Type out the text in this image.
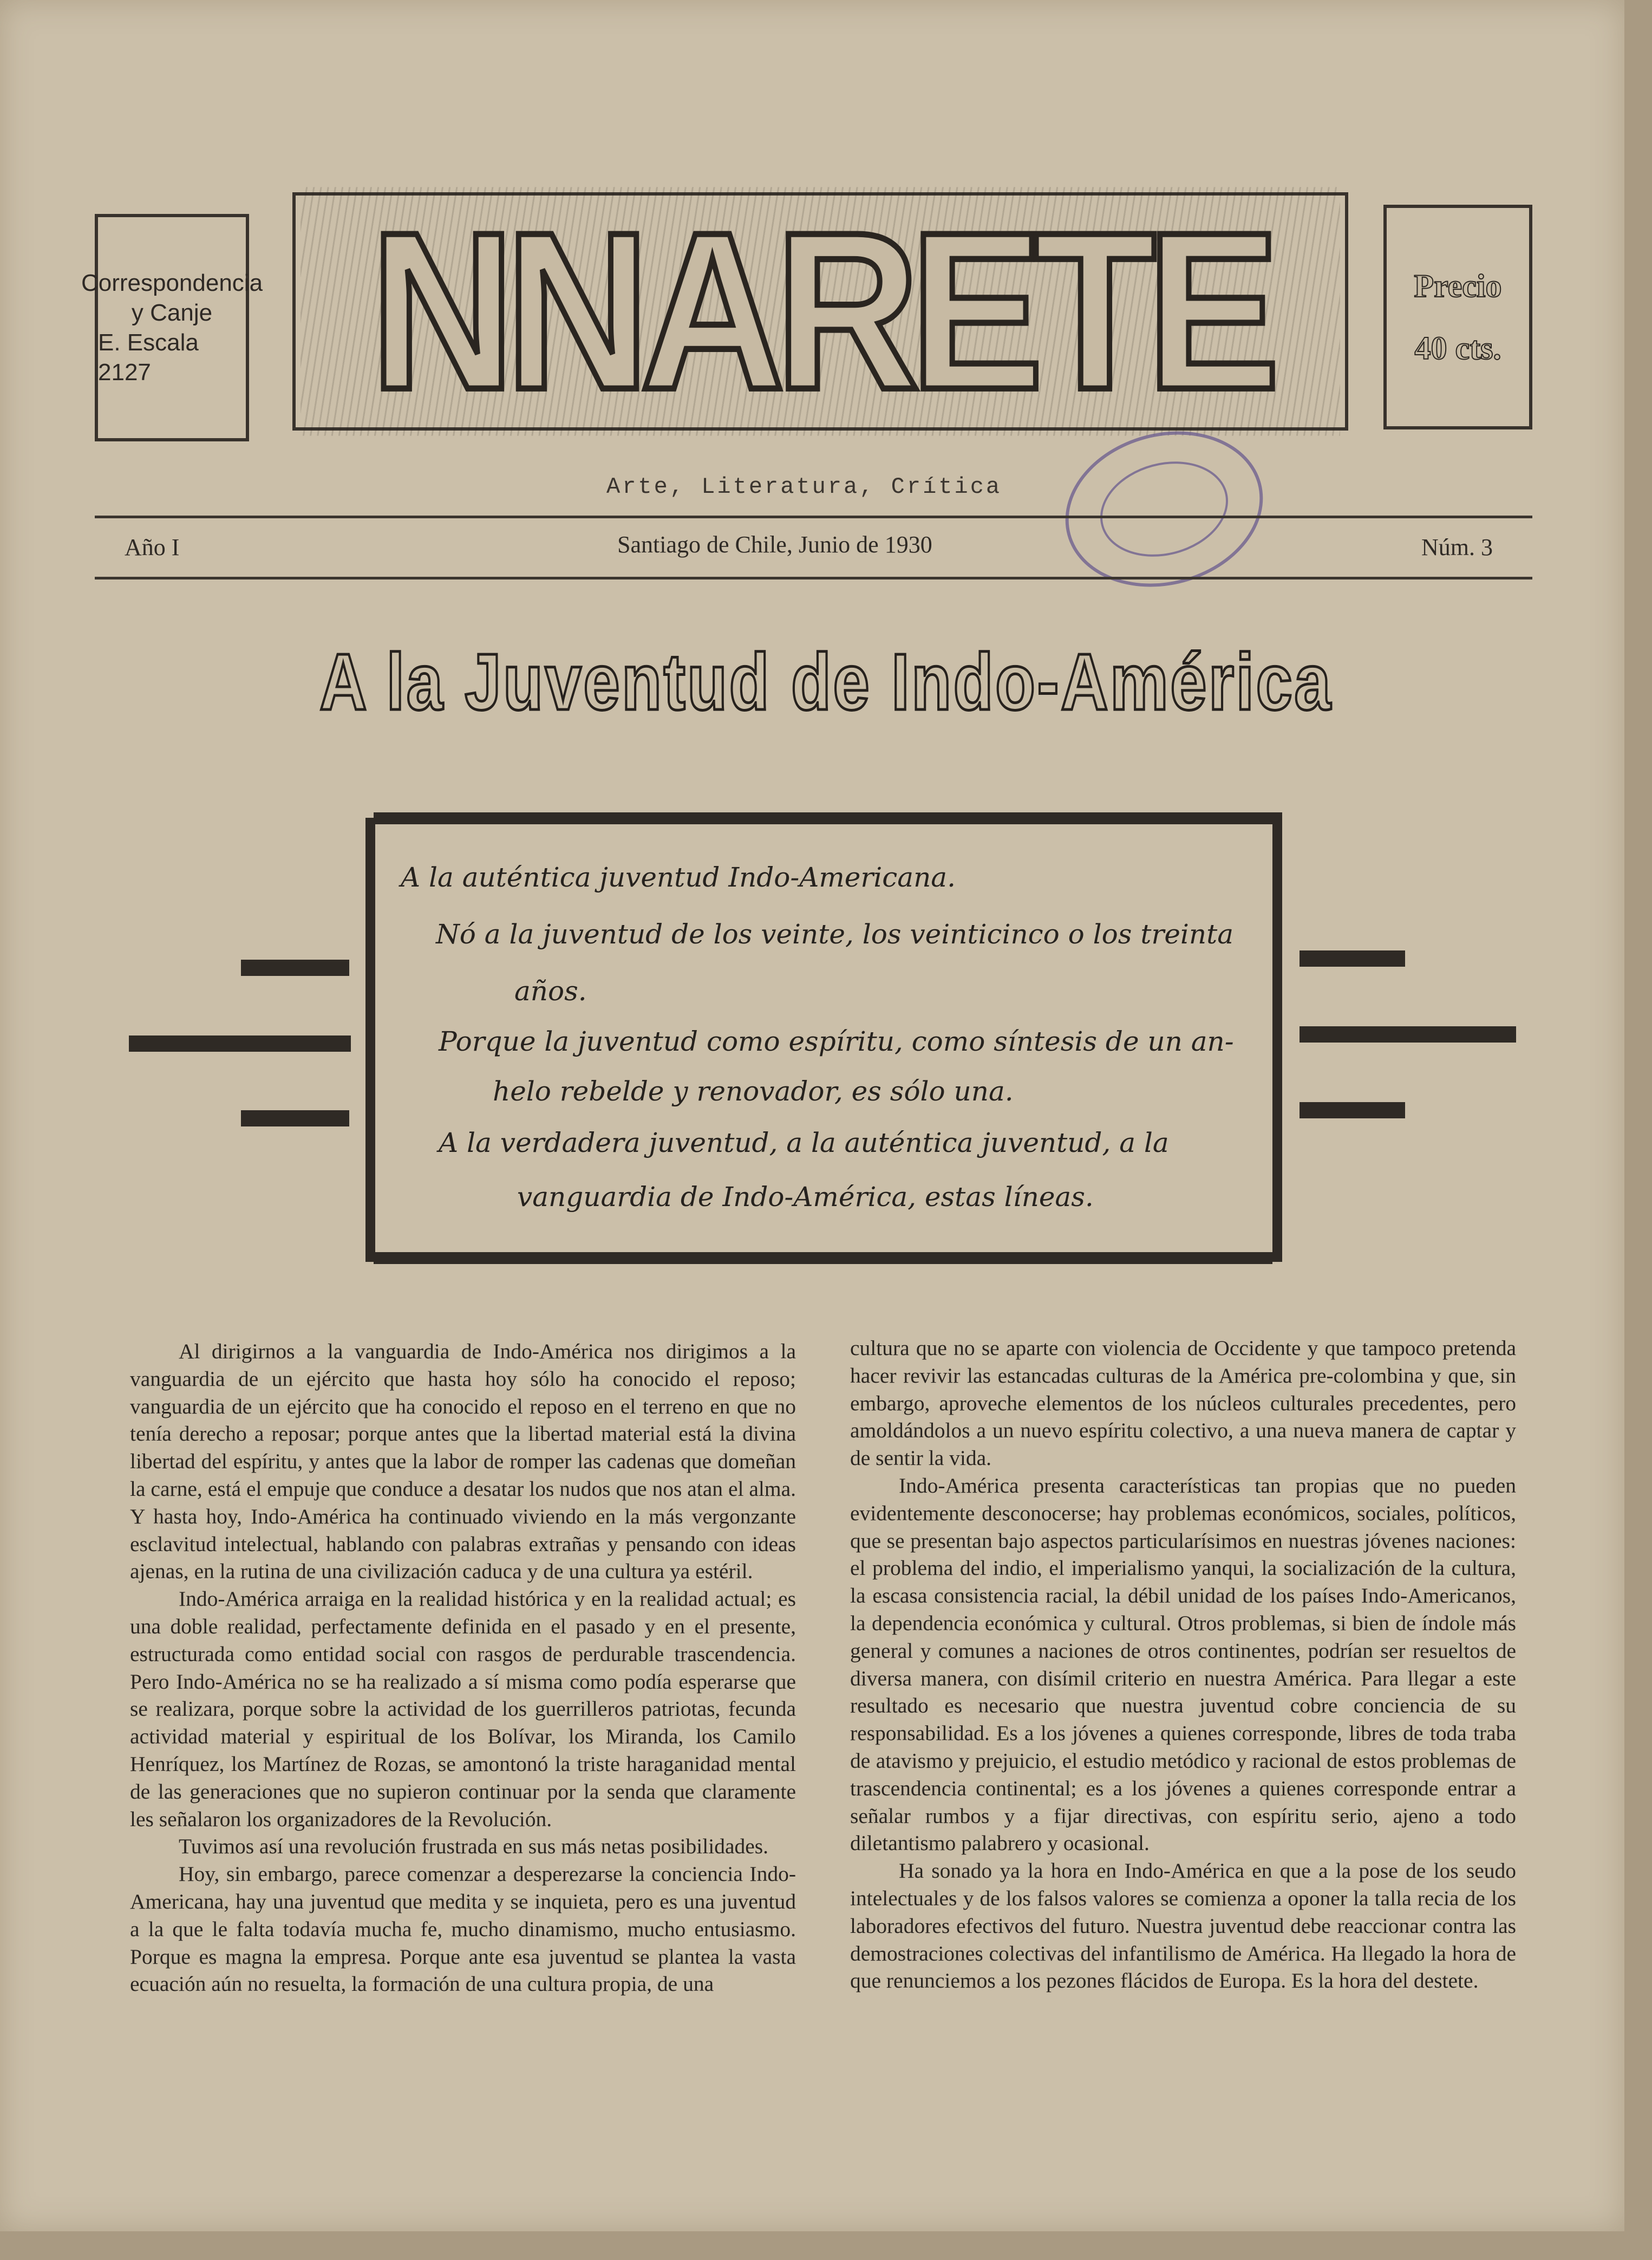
Correspondencia
y Canje
E. Escala 2127	NNARETE	Precio
40 cts.
Arte, Literatura, Crítica
Año I	Santiago de Chile, Junio de 1930	Núm. 3
A la Juventud de Indo-América
A la auténtica juventud Indo-Americana.
Nó a la juventud de los veinte, los veinticinco o los treinta
años.
Porque la juventud como espíritu, como síntesis de un an-
helo rebelde y renovador, es sólo una.
A la verdadera juventud, a la auténtica juventud, a la
vanguardia de Indo-América, estas líneas.

Al dirigirnos a la vanguardia de Indo-América nos dirigimos a la vanguardia de un ejército que hasta hoy sólo ha conocido el reposo; vanguardia de un ejército que ha conocido el reposo en el terreno en que no tenía derecho a reposar; porque antes que la libertad material está la divina libertad del espíritu, y antes que la labor de romper las cadenas que domeñan la carne, está el empuje que conduce a desatar los nudos que nos atan el alma. Y hasta hoy, Indo-América ha continuado viviendo en la más vergonzante esclavitud intelectual, hablando con palabras extrañas y pensando con ideas ajenas, en la rutina de una civilización caduca y de una cultura ya estéril.

Indo-América arraiga en la realidad histórica y en la realidad actual; es una doble realidad, perfectamente definida en el pasado y en el presente, estructurada como entidad social con rasgos de perdurable trascendencia. Pero Indo-América no se ha realizado a sí misma como podía esperarse que se realizara, porque sobre la actividad de los guerrilleros patriotas, fecunda actividad material y espiritual de los Bolívar, los Miranda, los Camilo Henríquez, los Martínez de Rozas, se amontonó la triste haraganidad mental de las generaciones que no supieron continuar por la senda que claramente les señalaron los organizadores de la Revolución.

Tuvimos así una revolución frustrada en sus más netas posibilidades.

Hoy, sin embargo, parece comenzar a desperezarse la conciencia Indo-Americana, hay una juventud que medita y se inquieta, pero es una juventud a la que le falta todavía mucha fe, mucho dinamismo, mucho entusiasmo. Porque es magna la empresa. Porque ante esa juventud se plantea la vasta ecuación aún no resuelta, la formación de una cultura propia, de una

cultura que no se aparte con violencia de Occidente y que tampoco pretenda hacer revivir las estancadas culturas de la América pre-colombina y que, sin embargo, aproveche elementos de los núcleos culturales precedentes, pero amoldándolos a un nuevo espíritu colectivo, a una nueva manera de captar y de sentir la vida.

Indo-América presenta características tan propias que no pueden evidentemente desconocerse; hay problemas económicos, sociales, políticos, que se presentan bajo aspectos particularísimos en nuestras jóvenes naciones: el problema del indio, el imperialismo yanqui, la socialización de la cultura, la escasa consistencia racial, la débil unidad de los países Indo-Americanos, la dependencia económica y cultural. Otros problemas, si bien de índole más general y comunes a naciones de otros continentes, podrían ser resueltos de diversa manera, con disímil criterio en nuestra América. Para llegar a este resultado es necesario que nuestra juventud cobre conciencia de su responsabilidad. Es a los jóvenes a quienes corresponde, libres de toda traba de atavismo y prejuicio, el estudio metódico y racional de estos problemas de trascendencia continental; es a los jóvenes a quienes corresponde entrar a señalar rumbos y a fijar directivas, con espíritu serio, ajeno a todo diletantismo palabrero y ocasional.

Ha sonado ya la hora en Indo-América en que a la pose de los seudo intelectuales y de los falsos valores se comienza a oponer la talla recia de los laboradores efectivos del futuro. Nuestra juventud debe reaccionar contra las demostraciones colectivas del infantilismo de América. Ha llegado la hora de que renunciemos a los pezones flácidos de Europa. Es la hora del destete.
